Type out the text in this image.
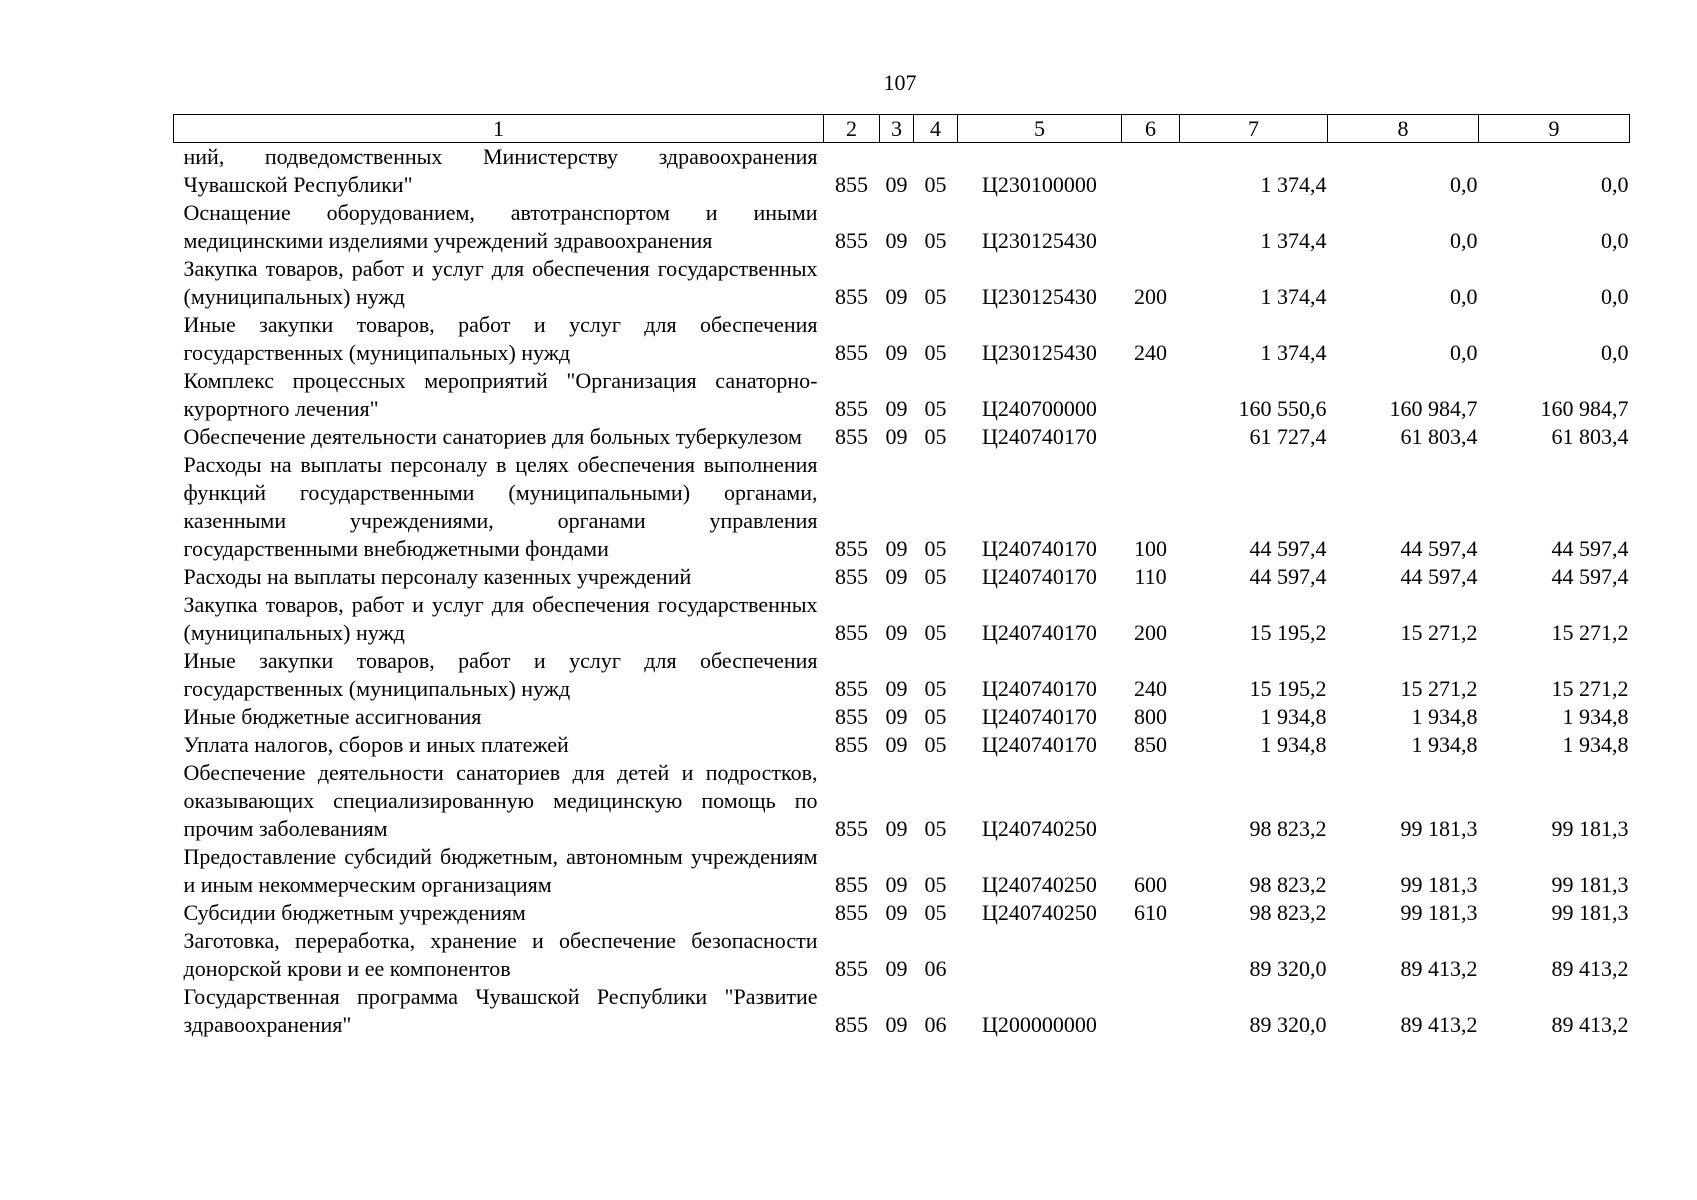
107
1	2	3	4	5	6	7	8	9
ний, подведомственных Министерству здравоохранения Чувашской Республики"	855	09	05	Ц230100000		1 374,4	0,0	0,0
Оснащение оборудованием, автотранспортом и иными медицинскими изделиями учреждений здравоохранения	855	09	05	Ц230125430		1 374,4	0,0	0,0
Закупка товаров, работ и услуг для обеспечения государственных (муниципальных) нужд	855	09	05	Ц230125430	200	1 374,4	0,0	0,0
Иные закупки товаров, работ и услуг для обеспечения государственных (муниципальных) нужд	855	09	05	Ц230125430	240	1 374,4	0,0	0,0
Комплекс процессных мероприятий "Организация санаторно-курортного лечения"	855	09	05	Ц240700000		160 550,6	160 984,7	160 984,7
Обеспечение деятельности санаториев для больных туберкулезом	855	09	05	Ц240740170		61 727,4	61 803,4	61 803,4
Расходы на выплаты персоналу в целях обеспечения выполнения функций государственными (муниципальными) органами, казенными учреждениями, органами управления государственными внебюджетными фондами	855	09	05	Ц240740170	100	44 597,4	44 597,4	44 597,4
Расходы на выплаты персоналу казенных учреждений	855	09	05	Ц240740170	110	44 597,4	44 597,4	44 597,4
Закупка товаров, работ и услуг для обеспечения государственных (муниципальных) нужд	855	09	05	Ц240740170	200	15 195,2	15 271,2	15 271,2
Иные закупки товаров, работ и услуг для обеспечения государственных (муниципальных) нужд	855	09	05	Ц240740170	240	15 195,2	15 271,2	15 271,2
Иные бюджетные ассигнования	855	09	05	Ц240740170	800	1 934,8	1 934,8	1 934,8
Уплата налогов, сборов и иных платежей	855	09	05	Ц240740170	850	1 934,8	1 934,8	1 934,8
Обеспечение деятельности санаториев для детей и подростков, оказывающих специализированную медицинскую помощь по прочим заболеваниям	855	09	05	Ц240740250		98 823,2	99 181,3	99 181,3
Предоставление субсидий бюджетным, автономным учреждениям и иным некоммерческим организациям	855	09	05	Ц240740250	600	98 823,2	99 181,3	99 181,3
Субсидии бюджетным учреждениям	855	09	05	Ц240740250	610	98 823,2	99 181,3	99 181,3
Заготовка, переработка, хранение и обеспечение безопасности донорской крови и ее компонентов	855	09	06			89 320,0	89 413,2	89 413,2
Государственная программа Чувашской Республики "Развитие здравоохранения"	855	09	06	Ц200000000		89 320,0	89 413,2	89 413,2
